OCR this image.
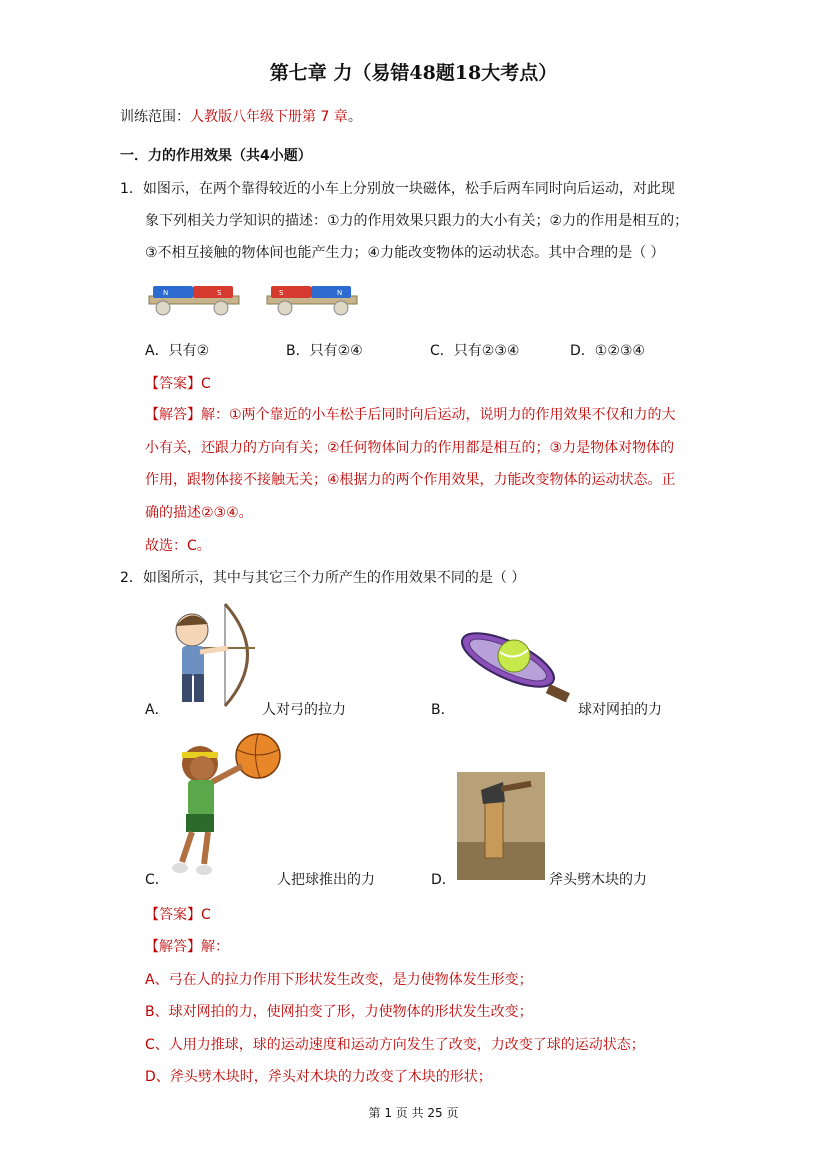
第七章 力（易错48题18大考点）
训练范围：人教版八年级下册第 7 章。
一．力的作用效果（共4小题）
1．如图示，在两个靠得较近的小车上分别放一块磁体，松手后两车同时向后运动，对此现
象下列相关力学知识的描述：①力的作用效果只跟力的大小有关；②力的作用是相互的；
③不相互接触的物体间也能产生力；④力能改变物体的运动状态。其中合理的是（ ）
N	S	S	N
A．只有②	B．只有②④	C．只有②③④	D．①②③④
【答案】C
【解答】解：①两个靠近的小车松手后同时向后运动，说明力的作用效果不仅和力的大
小有关，还跟力的方向有关；②任何物体间力的作用都是相互的；③力是物体对物体的
作用，跟物体接不接触无关；④根据力的两个作用效果，力能改变物体的运动状态。正
确的描述②③④。
故选：C。
2．如图所示，其中与其它三个力所产生的作用效果不同的是（ ）
A．	人对弓的拉力	B．	球对网拍的力
C．	人把球推出的力	D．	斧头劈木块的力
【答案】C
【解答】解：
A、弓在人的拉力作用下形状发生改变，是力使物体发生形变；
B、球对网拍的力，使网拍变了形，力使物体的形状发生改变；
C、人用力推球，球的运动速度和运动方向发生了改变，力改变了球的运动状态；
D、斧头劈木块时，斧头对木块的力改变了木块的形状；
第 1 页 共 25 页
